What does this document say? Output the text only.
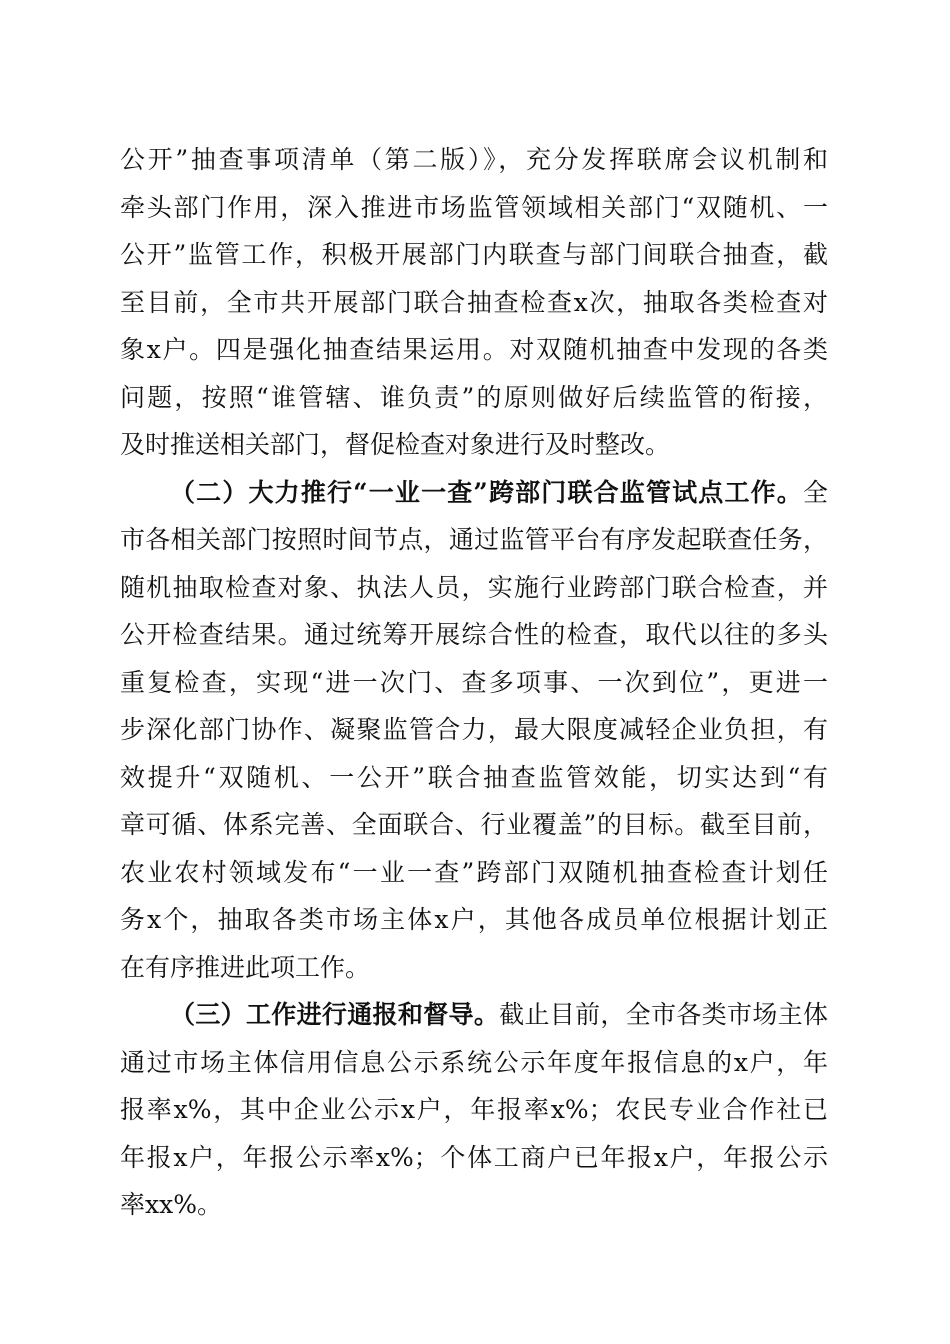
公开”抽查事项清单（第二版）》，充分发挥联席会议机制和
牵头部门作用，深入推进市场监管领域相关部门“双随机、一
公开”监管工作，积极开展部门内联查与部门间联合抽查，截
至目前，全市共开展部门联合抽查检查x次，抽取各类检查对
象x户。四是强化抽查结果运用。对双随机抽查中发现的各类
问题，按照“谁管辖、谁负责”的原则做好后续监管的衔接，
及时推送相关部门，督促检查对象进行及时整改。
（二）大力推行“一业一查”跨部门联合监管试点工作。全
市各相关部门按照时间节点，通过监管平台有序发起联查任务，
随机抽取检查对象、执法人员，实施行业跨部门联合检查，并
公开检查结果。通过统筹开展综合性的检查，取代以往的多头
重复检查，实现“进一次门、查多项事、一次到位”，更进一
步深化部门协作、凝聚监管合力，最大限度减轻企业负担，有
效提升“双随机、一公开”联合抽查监管效能，切实达到“有
章可循、体系完善、全面联合、行业覆盖”的目标。截至目前，
农业农村领域发布“一业一查”跨部门双随机抽查检查计划任
务x个，抽取各类市场主体x户，其他各成员单位根据计划正
在有序推进此项工作。
（三）工作进行通报和督导。截止目前，全市各类市场主体
通过市场主体信用信息公示系统公示年度年报信息的x户，年
报率x%，其中企业公示x户，年报率x%；农民专业合作社已
年报x户，年报公示率x%；个体工商户已年报x户，年报公示
率xx%。
